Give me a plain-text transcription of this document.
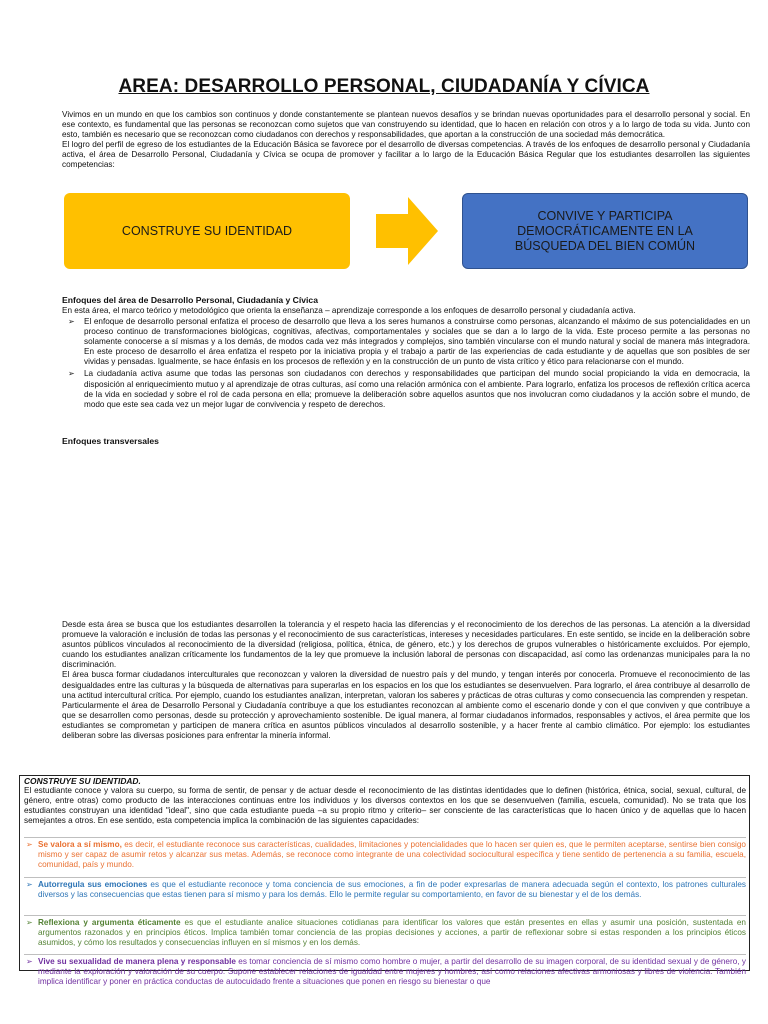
AREA: DESARROLLO PERSONAL, CIUDADANÍA Y CÍVICA

Vivimos en un mundo en que los cambios son continuos y donde constantemente se plantean nuevos desafíos y se brindan nuevas oportunidades para el desarrollo personal y social. En ese contexto, es fundamental que las personas se reconozcan como sujetos que van construyendo su identidad, que lo hacen en relación con otros y a lo largo de toda su vida. Junto con esto, también es necesario que se reconozcan como ciudadanos con derechos y responsabilidades, que aportan a la construcción de una sociedad más democrática.

El logro del perfil de egreso de los estudiantes de la Educación Básica se favorece por el desarrollo de diversas competencias. A través de los enfoques de desarrollo personal y Ciudadanía activa, el área de Desarrollo Personal, Ciudadanía y Cívica se ocupa de promover y facilitar a lo largo de la Educación Básica Regular que los estudiantes desarrollen las siguientes competencias:

CONSTRUYE SU IDENTIDAD
CONVIVE Y PARTICIPA DEMOCRÁTICAMENTE EN LA BÚSQUEDA DEL BIEN COMÚN
Enfoques del área de Desarrollo Personal, Ciudadanía y Cívica
En esta área, el marco teórico y metodológico que orienta la enseñanza – aprendizaje corresponde a los enfoques de desarrollo personal y ciudadanía activa.
➢ El enfoque de desarrollo personal enfatiza el proceso de desarrollo que lleva a los seres humanos a construirse como personas, alcanzando el máximo de sus potencialidades en un proceso continuo de transformaciones biológicas, cognitivas, afectivas, comportamentales y sociales que se dan a lo largo de la vida. Este proceso permite a las personas no solamente conocerse a sí mismas y a los demás, de modos cada vez más integrados y complejos, sino también vincularse con el mundo natural y social de manera más integradora. En este proceso de desarrollo el área enfatiza el respeto por la iniciativa propia y el trabajo a partir de las experiencias de cada estudiante y de aquellas que son posibles de ser vividas y pensadas. Igualmente, se hace énfasis en los procesos de reflexión y en la construcción de un punto de vista crítico y ético para relacionarse con el mundo.
➢ La ciudadanía activa asume que todas las personas son ciudadanos con derechos y responsabilidades que participan del mundo social propiciando la vida en democracia, la disposición al enriquecimiento mutuo y al aprendizaje de otras culturas, así como una relación armónica con el ambiente. Para lograrlo, enfatiza los procesos de reflexión crítica acerca de la vida en sociedad y sobre el rol de cada persona en ella; promueve la deliberación sobre aquellos asuntos que nos involucran como ciudadanos y la acción sobre el mundo, de modo que este sea cada vez un mejor lugar de convivencia y respeto de derechos.
Enfoques transversales

Desde esta área se busca que los estudiantes desarrollen la tolerancia y el respeto hacia las diferencias y el reconocimiento de los derechos de las personas. La atención a la diversidad promueve la valoración e inclusión de todas las personas y el reconocimiento de sus características, intereses y necesidades particulares. En este sentido, se incide en la deliberación sobre asuntos públicos vinculados al reconocimiento de la diversidad (religiosa, política, étnica, de género, etc.) y los derechos de grupos vulnerables o históricamente excluidos. Por ejemplo, cuando los estudiantes analizan críticamente los fundamentos de la ley que promueve la inclusión laboral de personas con discapacidad, así como las ordenanzas municipales para la no discriminación.

El área busca formar ciudadanos interculturales que reconozcan y valoren la diversidad de nuestro país y del mundo, y tengan interés por conocerla. Promueve el reconocimiento de las desigualdades entre las culturas y la búsqueda de alternativas para superarlas en los espacios en los que los estudiantes se desenvuelven. Para lograrlo, el área contribuye al desarrollo de una actitud intercultural crítica. Por ejemplo, cuando los estudiantes analizan, interpretan, valoran los saberes y prácticas de otras culturas y como consecuencia las comprenden y respetan.

Particularmente el área de Desarrollo Personal y Ciudadanía contribuye a que los estudiantes reconozcan al ambiente como el escenario donde y con el que conviven y que contribuye a que se desarrollen como personas, desde su protección y aprovechamiento sostenible. De igual manera, al formar ciudadanos informados, responsables y activos, el área permite que los estudiantes se comprometan y participen de manera crítica en asuntos públicos vinculados al desarrollo sostenible, y a hacer frente al cambio climático. Por ejemplo: los estudiantes deliberan sobre las diversas posiciones para enfrentar la minería informal.

CONSTRUYE SU IDENTIDAD.
El estudiante conoce y valora su cuerpo, su forma de sentir, de pensar y de actuar desde el reconocimiento de las distintas identidades que lo definen (histórica, étnica, social, sexual, cultural, de género, entre otras) como producto de las interacciones continuas entre los individuos y los diversos contextos en los que se desenvuelven (familia, escuela, comunidad). No se trata que los estudiantes construyan una identidad "ideal", sino que cada estudiante pueda –a su propio ritmo y criterio– ser consciente de las características que lo hacen único y de aquellas que lo hacen semejantes a otros. En ese sentido, esta competencia implica la combinación de las siguientes capacidades:
➢ Se valora a sí mismo, es decir, el estudiante reconoce sus características, cualidades, limitaciones y potencialidades que lo hacen ser quien es, que le permiten aceptarse, sentirse bien consigo mismo y ser capaz de asumir retos y alcanzar sus metas. Además, se reconoce como integrante de una colectividad sociocultural específica y tiene sentido de pertenencia a su familia, escuela, comunidad, país y mundo.

➢ Autorregula sus emociones es que el estudiante reconoce y toma conciencia de sus emociones, a fin de poder expresarlas de manera adecuada según el contexto, los patrones culturales diversos y las consecuencias que estas tienen para sí mismo y para los demás. Ello le permite regular su comportamiento, en favor de su bienestar y el de los demás.

➢ Reflexiona y argumenta éticamente es que el estudiante analice situaciones cotidianas para identificar los valores que están presentes en ellas y asumir una posición, sustentada en argumentos razonados y en principios éticos. Implica también tomar conciencia de las propias decisiones y acciones, a partir de reflexionar sobre si estas responden a los principios éticos asumidos, y cómo los resultados y consecuencias influyen en sí mismos y en los demás.

➢ Vive su sexualidad de manera plena y responsable es tomar conciencia de sí mismo como hombre o mujer, a partir del desarrollo de su imagen corporal, de su identidad sexual y de género, y mediante la exploración y valoración de su cuerpo. Supone establecer relaciones de igualdad entre mujeres y hombres, así como relaciones afectivas armoniosas y libres de violencia. También implica identificar y poner en práctica conductas de autocuidado frente a situaciones que ponen en riesgo su bienestar o que
